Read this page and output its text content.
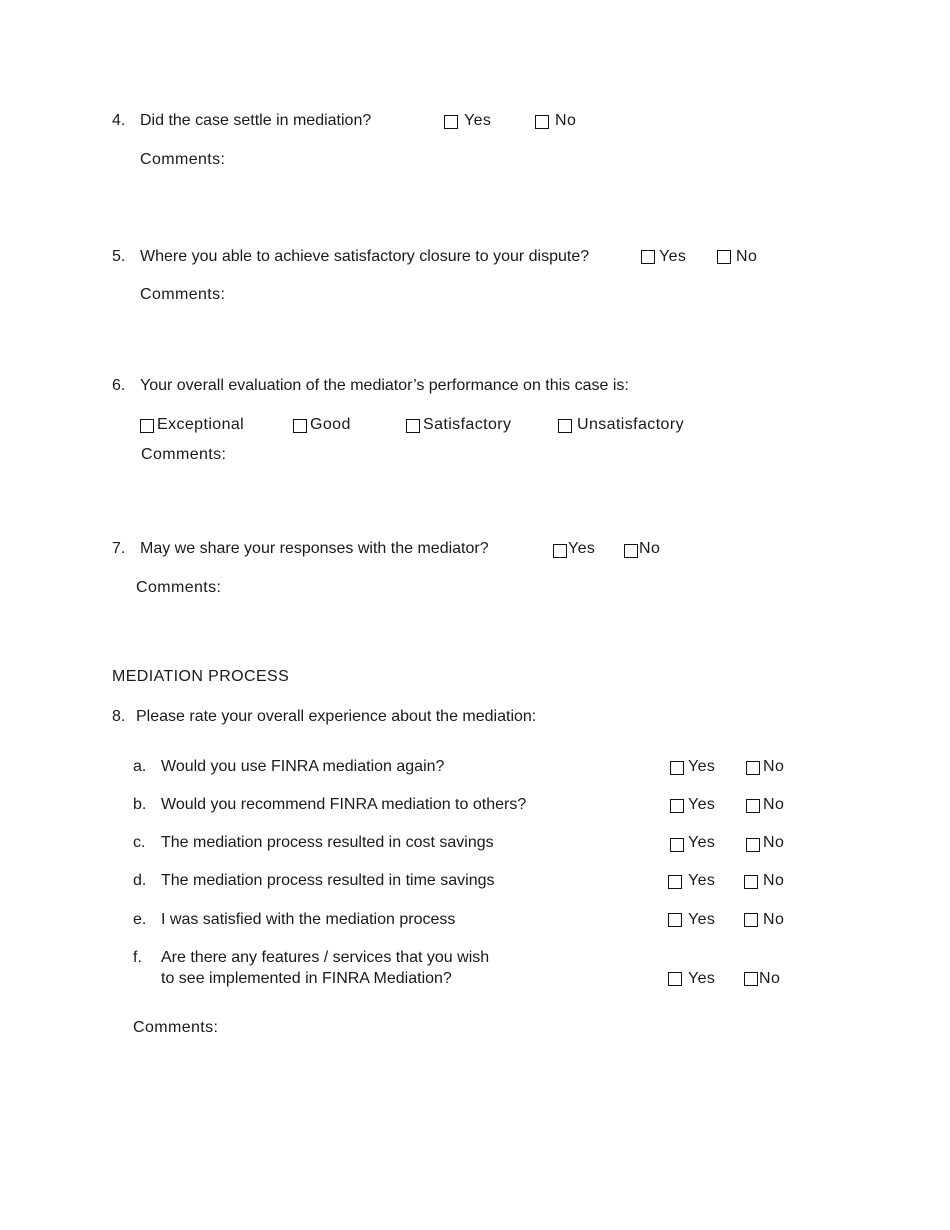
4. Did the case settle in mediation?	Yes	No
Comments:
5. Where you able to achieve satisfactory closure to your dispute?	Yes	No
Comments:
6. Your overall evaluation of the mediator’s performance on this case is:
Exceptional	Good	Satisfactory	Unsatisfactory
Comments:
7. May we share your responses with the mediator?	Yes	No
Comments:
MEDIATION PROCESS
8. Please rate your overall experience about the mediation:
a. Would you use FINRA mediation again?	Yes	No
b. Would you recommend FINRA mediation to others?	Yes	No
c. The mediation process resulted in cost savings	Yes	No
d. The mediation process resulted in time savings	Yes	No
e. I was satisfied with the mediation process	Yes	No
f. Are there any features / services that you wish
to see implemented in FINRA Mediation?	Yes	No
Comments:
